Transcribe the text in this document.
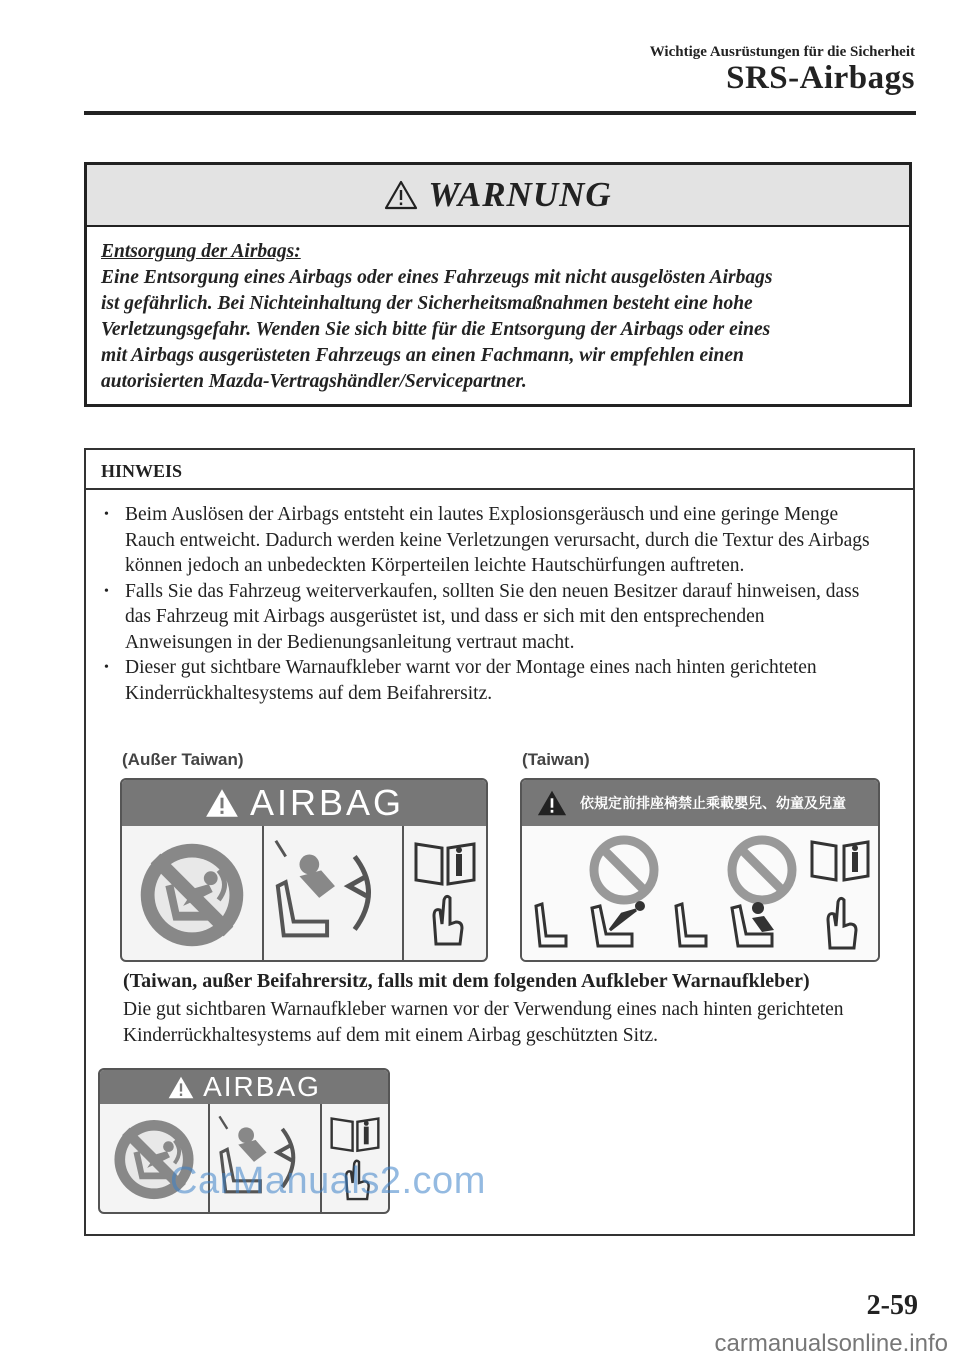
Wichtige Ausrüstungen für die Sicherheit
SRS-Airbags
WARNUNG
Entsorgung der Airbags:
Eine Entsorgung eines Airbags oder eines Fahrzeugs mit nicht ausgelösten Airbags
ist gefährlich. Bei Nichteinhaltung der Sicherheitsmaßnahmen besteht eine hohe
Verletzungsgefahr. Wenden Sie sich bitte für die Entsorgung der Airbags oder eines
mit Airbags ausgerüsteten Fahrzeugs an einen Fachmann, wir empfehlen einen
autorisierten Mazda-Vertragshändler/Servicepartner.
HINWEIS
• Beim Auslösen der Airbags entsteht ein lautes Explosionsgeräusch und eine geringe Menge Rauch entweicht. Dadurch werden keine Verletzungen verursacht, durch die Textur des Airbags können jedoch an unbedeckten Körperteilen leichte Hautschürfungen auftreten.
• Falls Sie das Fahrzeug weiterverkaufen, sollten Sie den neuen Besitzer darauf hinweisen, dass das Fahrzeug mit Airbags ausgerüstet ist, und dass er sich mit den entsprechenden Anweisungen in der Bedienungsanleitung vertraut macht.
• Dieser gut sichtbare Warnaufkleber warnt vor der Montage eines nach hinten gerichteten Kinderrückhaltesystems auf dem Beifahrersitz.
(Außer Taiwan)	(Taiwan)
AIRBAG	依規定前排座椅禁止乘載嬰兒、幼童及兒童
(Taiwan, außer Beifahrersitz, falls mit dem folgenden Aufkleber Warnaufkleber)
Die gut sichtbaren Warnaufkleber warnen vor der Verwendung eines nach hinten gerichteten Kinderrückhaltesystems auf dem mit einem Airbag geschützten Sitz.
AIRBAG
CarManuals2.com
2-59
carmanualsonline.info
